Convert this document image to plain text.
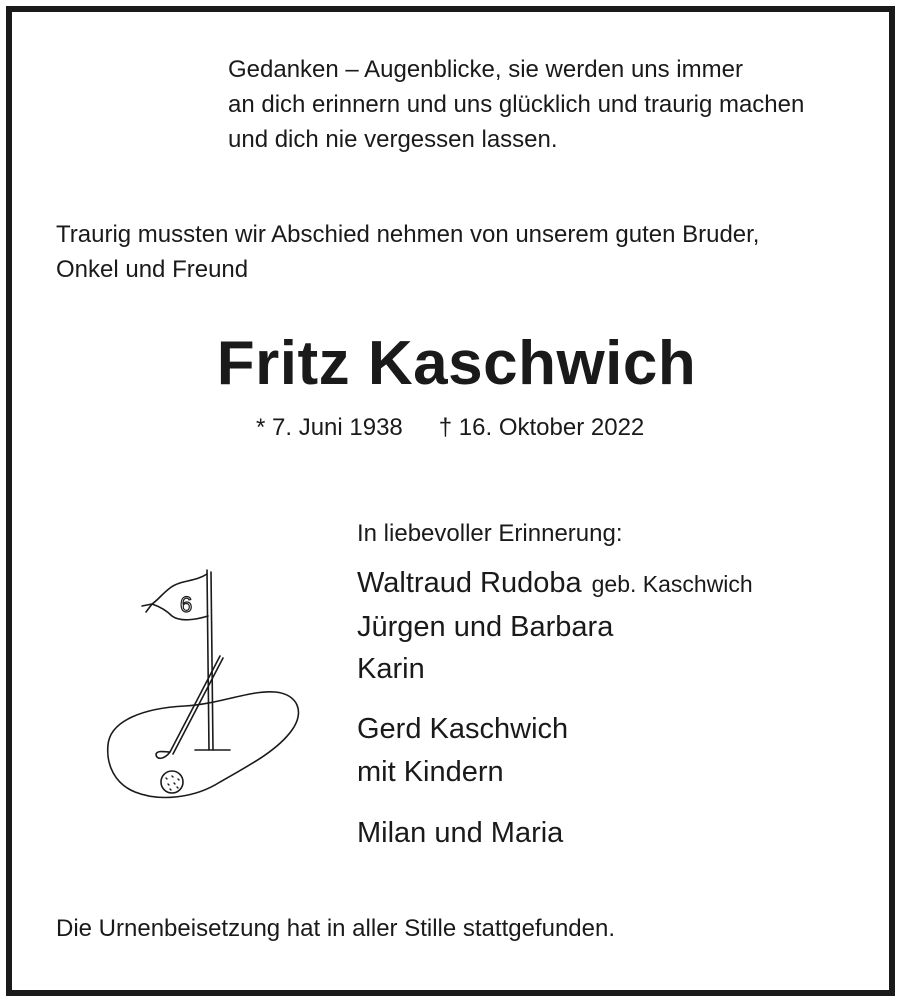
Gedanken – Augenblicke, sie werden uns immer
an dich erinnern und uns glücklich und traurig machen
und dich nie vergessen lassen.
Traurig mussten wir Abschied nehmen von unserem guten Bruder,
Onkel und Freund
Fritz Kaschwich
* 7. Juni 1938 † 16. Oktober 2022
In liebevoller Erinnerung:
Waltraud Rudoba geb. Kaschwich
Jürgen und Barbara
Karin
Gerd Kaschwich
mit Kindern
Milan und Maria
6
Die Urnenbeisetzung hat in aller Stille stattgefunden.
